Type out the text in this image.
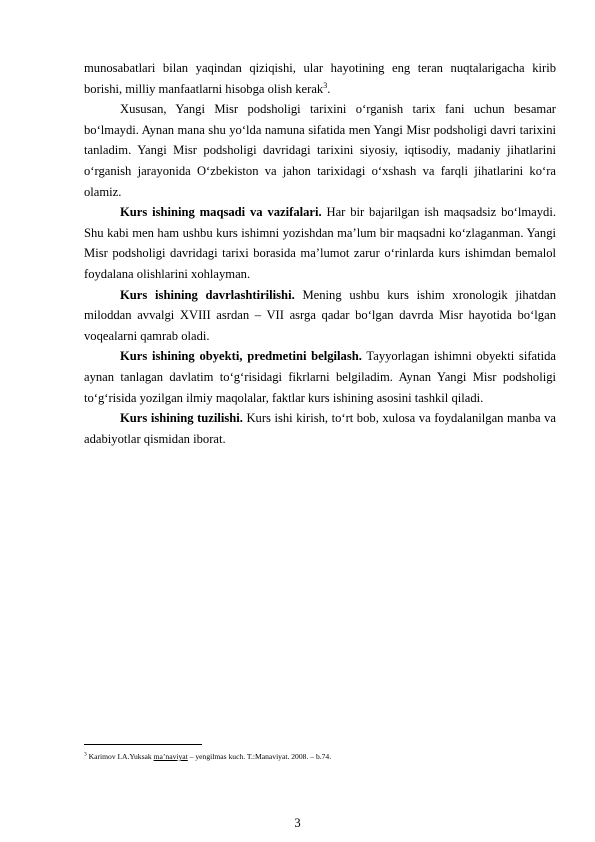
munosabatlari bilan yaqindan qiziqishi, ular hayotining eng teran nuqtalarigacha kirib borishi, milliy manfaatlarni hisobga olish kerak$^3$.

Xususan, Yangi Misr podsholigi tarixini o‘rganish tarix fani uchun besamar bo‘lmaydi. Aynan mana shu yo‘lda namuna sifatida men Yangi Misr podsholigi davri tarixini tanladim. Yangi Misr podsholigi davridagi tarixini siyosiy, iqtisodiy, madaniy jihatlarini o‘rganish jarayonida O‘zbekiston va jahon tarixidagi o‘xshash va farqli jihatlarini ko‘ra olamiz.

Kurs ishining maqsadi va vazifalari. Har bir bajarilgan ish maqsadsiz bo‘lmaydi. Shu kabi men ham ushbu kurs ishimni yozishdan ma’lum bir maqsadni ko‘zlaganman. Yangi Misr podsholigi davridagi tarixi borasida ma’lumot zarur o‘rinlarda kurs ishimdan bemalol foydalana olishlarini xohlayman.

Kurs ishining davrlashtirilishi. Mening ushbu kurs ishim xronologik jihatdan miloddan avvalgi XVIII asrdan – VII asrga qadar bo‘lgan davrda Misr hayotida bo‘lgan voqealarni qamrab oladi.

Kurs ishining obyekti, predmetini belgilash. Tayyorlagan ishimni obyekti sifatida aynan tanlagan davlatim to‘g‘risidagi fikrlarni belgiladim. Aynan Yangi Misr podsholigi to‘g‘risida yozilgan ilmiy maqolalar, faktlar kurs ishining asosini tashkil qiladi.

Kurs ishining tuzilishi. Kurs ishi kirish, to‘rt bob, xulosa va foydalanilgan manba va adabiyotlar qismidan iborat.

$^3$ Karimov I.A.Yuksak ma’naviyat – yengilmas kuch. T.:Manaviyat. 2008. – b.74.
3
